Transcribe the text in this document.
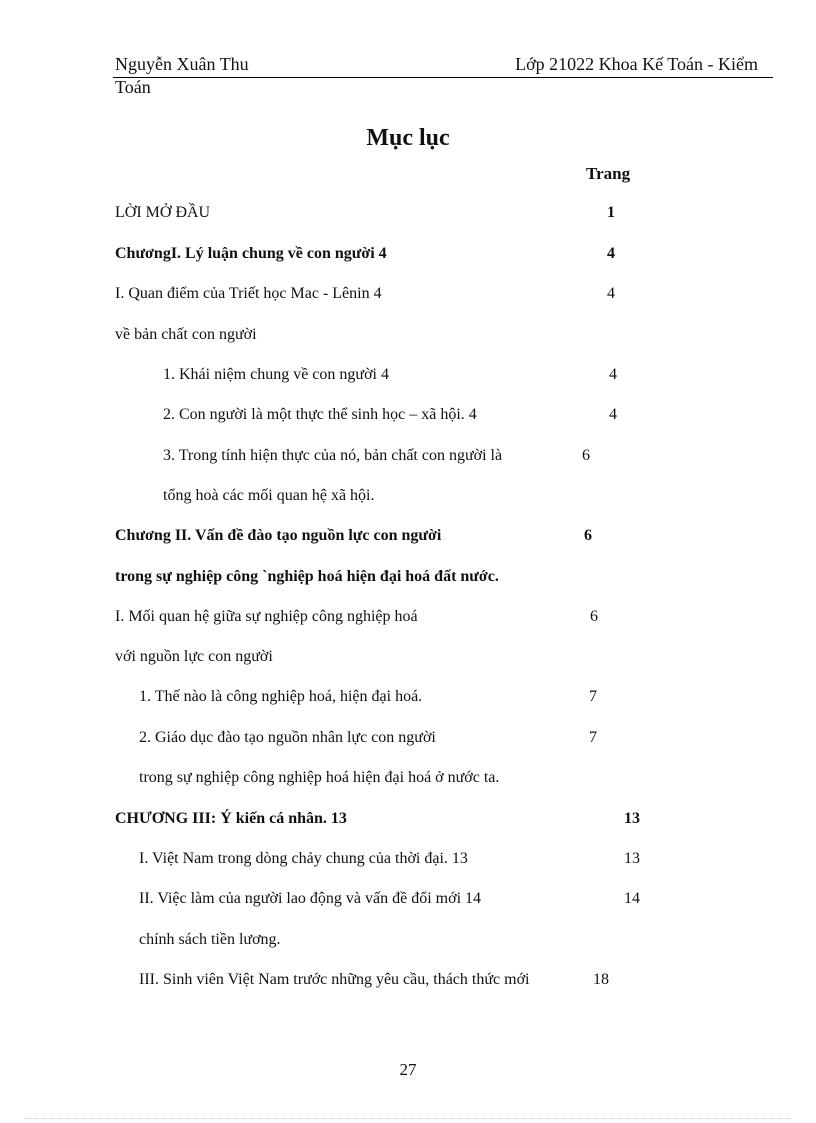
Nguyễn Xuân Thu	Lớp 21022 Khoa Kế Toán - Kiểm
Toán
Mục lục
Trang
LỜI MỞ ĐẦU	1
ChươngI. Lý luận chung về con người 4	4
I. Quan điểm của Triết học Mac - Lênin 4	4
về bản chất con người
1. Khái niệm chung về con người 4	4
2. Con người là một thực thể sinh học – xã hội. 4	4
3. Trong tính hiện thực của nó, bản chất con người là	6
tổng hoà các mối quan hệ xã hội.
Chương II. Vấn đề đào tạo nguồn lực con người	6
trong sự nghiệp công `nghiệp hoá hiện đại hoá đất nước.
I. Mối quan hệ giữa sự nghiệp công nghiệp hoá	6
với nguồn lực con người
1. Thế nào là công nghiệp hoá, hiện đại hoá.	7
2. Giáo dục đào tạo nguồn nhân lực con người	7
trong sự nghiệp công nghiệp hoá hiện đại hoá ở nước ta.
CHƯƠNG III: Ý kiến cá nhân. 13	13
I. Việt Nam trong dòng chảy chung của thời đại. 13	13
II. Việc làm của người lao động và vấn đề đổi mới 14	14
chính sách tiền lương.
III. Sinh viên Việt Nam trước những yêu cầu, thách thức mới	18
27
